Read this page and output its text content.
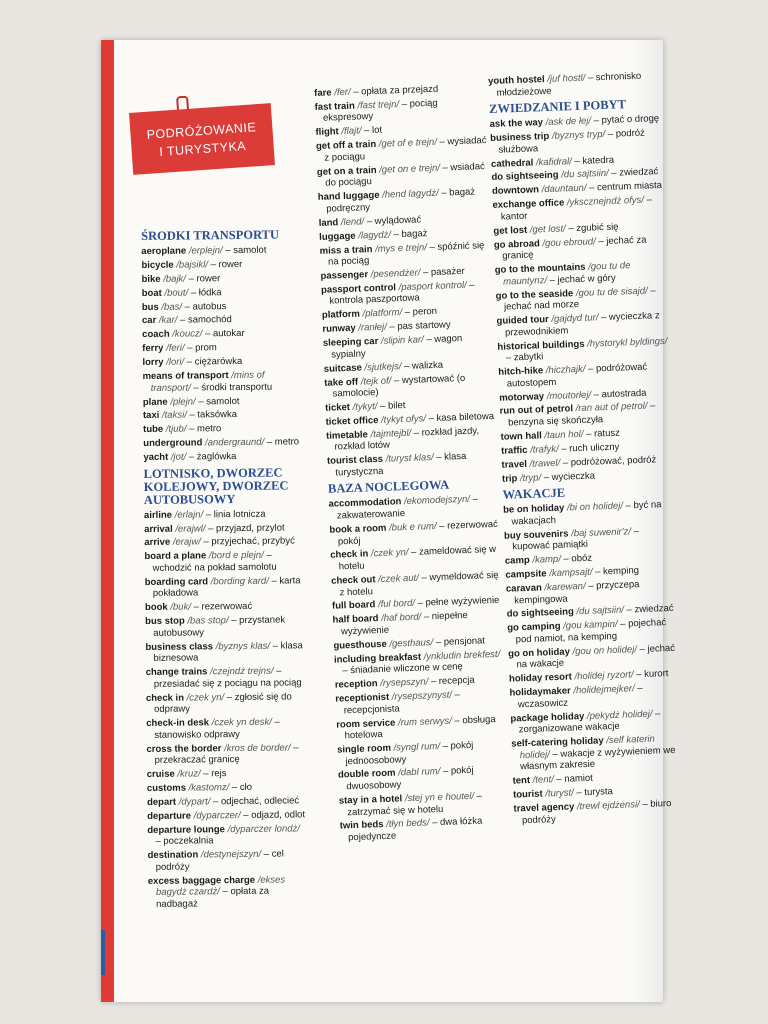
PODRÓŻOWANIE
I TURYSTYKA
ŚRODKI TRANSPORTU
aeroplane /erplejn/ – samolot
bicycle /bajsikl/ – rower
bike /bajk/ – rower
boat /bout/ – łódka
bus /bas/ – autobus
car /kar/ – samochód
coach /koucz/ – autokar
ferry /feri/ – prom
lorry /lori/ – ciężarówka
means of transport /mins of transport/ – środki transportu
plane /plejn/ – samolot
taxi /taksi/ – taksówka
tube /tjub/ – metro
underground /andergraund/ – metro
yacht /jot/ – żaglówka
LOTNISKO, DWORZEC KOLEJOWY, DWORZEC AUTOBUSOWY
airline /erlajn/ – linia lotnicza
arrival /erajwl/ – przyjazd, przylot
arrive /erajw/ – przyjechać, przybyć
board a plane /bord e plejn/ – wchodzić na pokład samolotu
boarding card /bording kard/ – karta pokładowa
book /buk/ – rezerwować
bus stop /bas stop/ – przystanek autobusowy
business class /byznys klas/ – klasa biznesowa
change trains /czejndż trejns/ – przesiadać się z pociągu na pociąg
check in /czek yn/ – zgłosić się do odprawy
check-in desk /czek yn desk/ – stanowisko odprawy
cross the border /kros de border/ – przekraczać granicę
cruise /kruz/ – rejs
customs /kastomz/ – cło
depart /dypart/ – odjechać, odlecieć
departure /dyparczer/ – odjazd, odlot
departure lounge /dyparczer londż/ – poczekalnia
destination /destynejszyn/ – cel podróży
excess baggage charge /ekses bagydż czardż/ – opłata za nadbagaż
fare /fer/ – opłata za przejazd
fast train /fast trejn/ – pociąg ekspresowy
flight /flajt/ – lot
get off a train /get of e trejn/ – wysiadać z pociągu
get on a train /get on e trejn/ – wsiadać do pociągu
hand luggage /hend lagydż/ – bagaż podręczny
land /lend/ – wylądować
luggage /lagydż/ – bagaż
miss a train /mys e trejn/ – spóźnić się na pociąg
passenger /pesendżer/ – pasażer
passport control /pasport kontrol/ – kontrola paszportowa
platform /platform/ – peron
runway /ranłej/ – pas startowy
sleeping car /slipin kar/ – wagon sypialny
suitcase /sjutkejs/ – walizka
take off /tejk of/ – wystartować (o samolocie)
ticket /tykyt/ – bilet
ticket office /tykyt ofys/ – kasa biletowa
timetable /tajmtejbl/ – rozkład jazdy, rozkład lotów
tourist class /turyst klas/ – klasa turystyczna
BAZA NOCLEGOWA
accommodation /ekomodejszyn/ – zakwaterowanie
book a room /buk e rum/ – rezerwować pokój
check in /czek yn/ – zameldować się w hotelu
check out /czek aut/ – wymeldować się z hotelu
full board /ful bord/ – pełne wyżywienie
half board /haf bord/ – niepełne wyżywienie
guesthouse /gesthaus/ – pensjonat
including breakfast /ynkludin brekfest/ – śniadanie wliczone w cenę
reception /rysepszyn/ – recepcja
receptionist /rysepszynyst/ – recepcjonista
room service /rum serwys/ – obsługa hotelowa
single room /syngl rum/ – pokój jednoosobowy
double room /dabl rum/ – pokój dwuosobowy
stay in a hotel /stej yn e houtel/ – zatrzymać się w hotelu
twin beds /tłyn beds/ – dwa łóżka pojedyncze
youth hostel /juf hostl/ – schronisko młodzieżowe
ZWIEDZANIE I POBYT
ask the way /ask de łej/ – pytać o drogę
business trip /byznys tryp/ – podróż służbowa
cathedral /kafidral/ – katedra
do sightseeing /du sajtsiin/ – zwiedzać
downtown /dauntaun/ – centrum miasta
exchange office /ykscznejndż ofys/ – kantor
get lost /get lost/ – zgubić się
go abroad /gou ebroud/ – jechać za granicę
go to the mountains /gou tu de mauntynz/ – jechać w góry
go to the seaside /gou tu de sisajd/ – jechać nad morze
guided tour /gajdyd tur/ – wycieczka z przewodnikiem
historical buildings /hystorykl byldings/ – zabytki
hitch-hike /hiczhajk/ – podróżować autostopem
motorway /moutorłej/ – autostrada
run out of petrol /ran aut of petrol/ – benzyna się skończyła
town hall /taun hol/ – ratusz
traffic /trafyk/ – ruch uliczny
travel /trawel/ – podróżować, podróż
trip /tryp/ – wycieczka
WAKACJE
be on holiday /bi on holidej/ – być na wakacjach
buy souvenirs /baj suwenir'z/ – kupować pamiątki
camp /kamp/ – obóz
campsite /kampsajt/ – kemping
caravan /karewan/ – przyczepa kempingowa
do sightseeing /du sajtsiin/ – zwiedzać
go camping /gou kampin/ – pojechać pod namiot, na kemping
go on holiday /gou on holidej/ – jechać na wakacje
holiday resort /holidej ryzort/ – kurort
holidaymaker /holidejmejker/ – wczasowicz
package holiday /pekydż holidej/ – zorganizowane wakacje
self-catering holiday /self katerin holidej/ – wakacje z wyżywieniem we własnym zakresie
tent /tent/ – namiot
tourist /turyst/ – turysta
travel agency /trewl ejdżensi/ – biuro podróży
